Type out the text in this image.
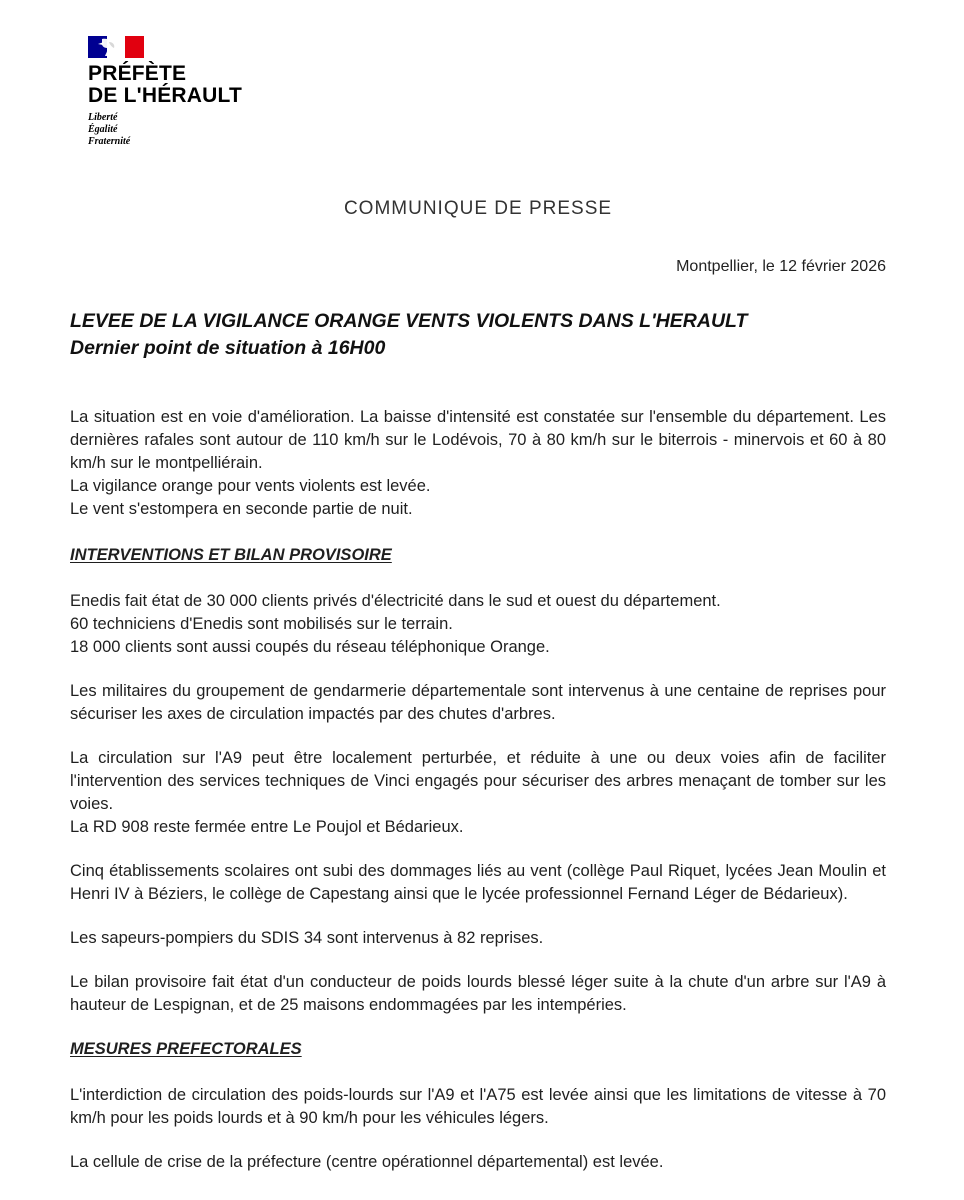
PRÉFÈTE
DE L'HÉRAULT
Liberté
Égalité
Fraternité
COMMUNIQUE DE PRESSE
Montpellier, le 12 février 2026
LEVEE DE LA VIGILANCE ORANGE VENTS VIOLENTS DANS L'HERAULT
Dernier point de situation à 16H00

La situation est en voie d'amélioration. La baisse d'intensité est constatée sur l'ensemble du département. Les dernières rafales sont autour de 110 km/h sur le Lodévois, 70 à 80 km/h sur le biterrois - minervois et 60 à 80 km/h sur le montpelliérain.

La vigilance orange pour vents violents est levée.

Le vent s'estompera en seconde partie de nuit.

INTERVENTIONS ET BILAN PROVISOIRE

Enedis fait état de 30 000 clients privés d'électricité dans le sud et ouest du département.

60 techniciens d'Enedis sont mobilisés sur le terrain.

18 000 clients sont aussi coupés du réseau téléphonique Orange.

Les militaires du groupement de gendarmerie départementale sont intervenus à une centaine de reprises pour sécuriser les axes de circulation impactés par des chutes d'arbres.

La circulation sur l'A9 peut être localement perturbée, et réduite à une ou deux voies afin de faciliter l'intervention des services techniques de Vinci engagés pour sécuriser des arbres menaçant de tomber sur les voies.

La RD 908 reste fermée entre Le Poujol et Bédarieux.

Cinq établissements scolaires ont subi des dommages liés au vent (collège Paul Riquet, lycées Jean Moulin et Henri IV à Béziers, le collège de Capestang ainsi que le lycée professionnel Fernand Léger de Bédarieux).

Les sapeurs-pompiers du SDIS 34 sont intervenus à 82 reprises.

Le bilan provisoire fait état d'un conducteur de poids lourds blessé léger suite à la chute d'un arbre sur l'A9 à hauteur de Lespignan, et de 25 maisons endommagées par les intempéries.

MESURES PREFECTORALES

L'interdiction de circulation des poids-lourds sur l'A9 et l'A75 est levée ainsi que les limitations de vitesse à 70 km/h pour les poids lourds et à 90 km/h pour les véhicules légers.

La cellule de crise de la préfecture (centre opérationnel départemental) est levée.
